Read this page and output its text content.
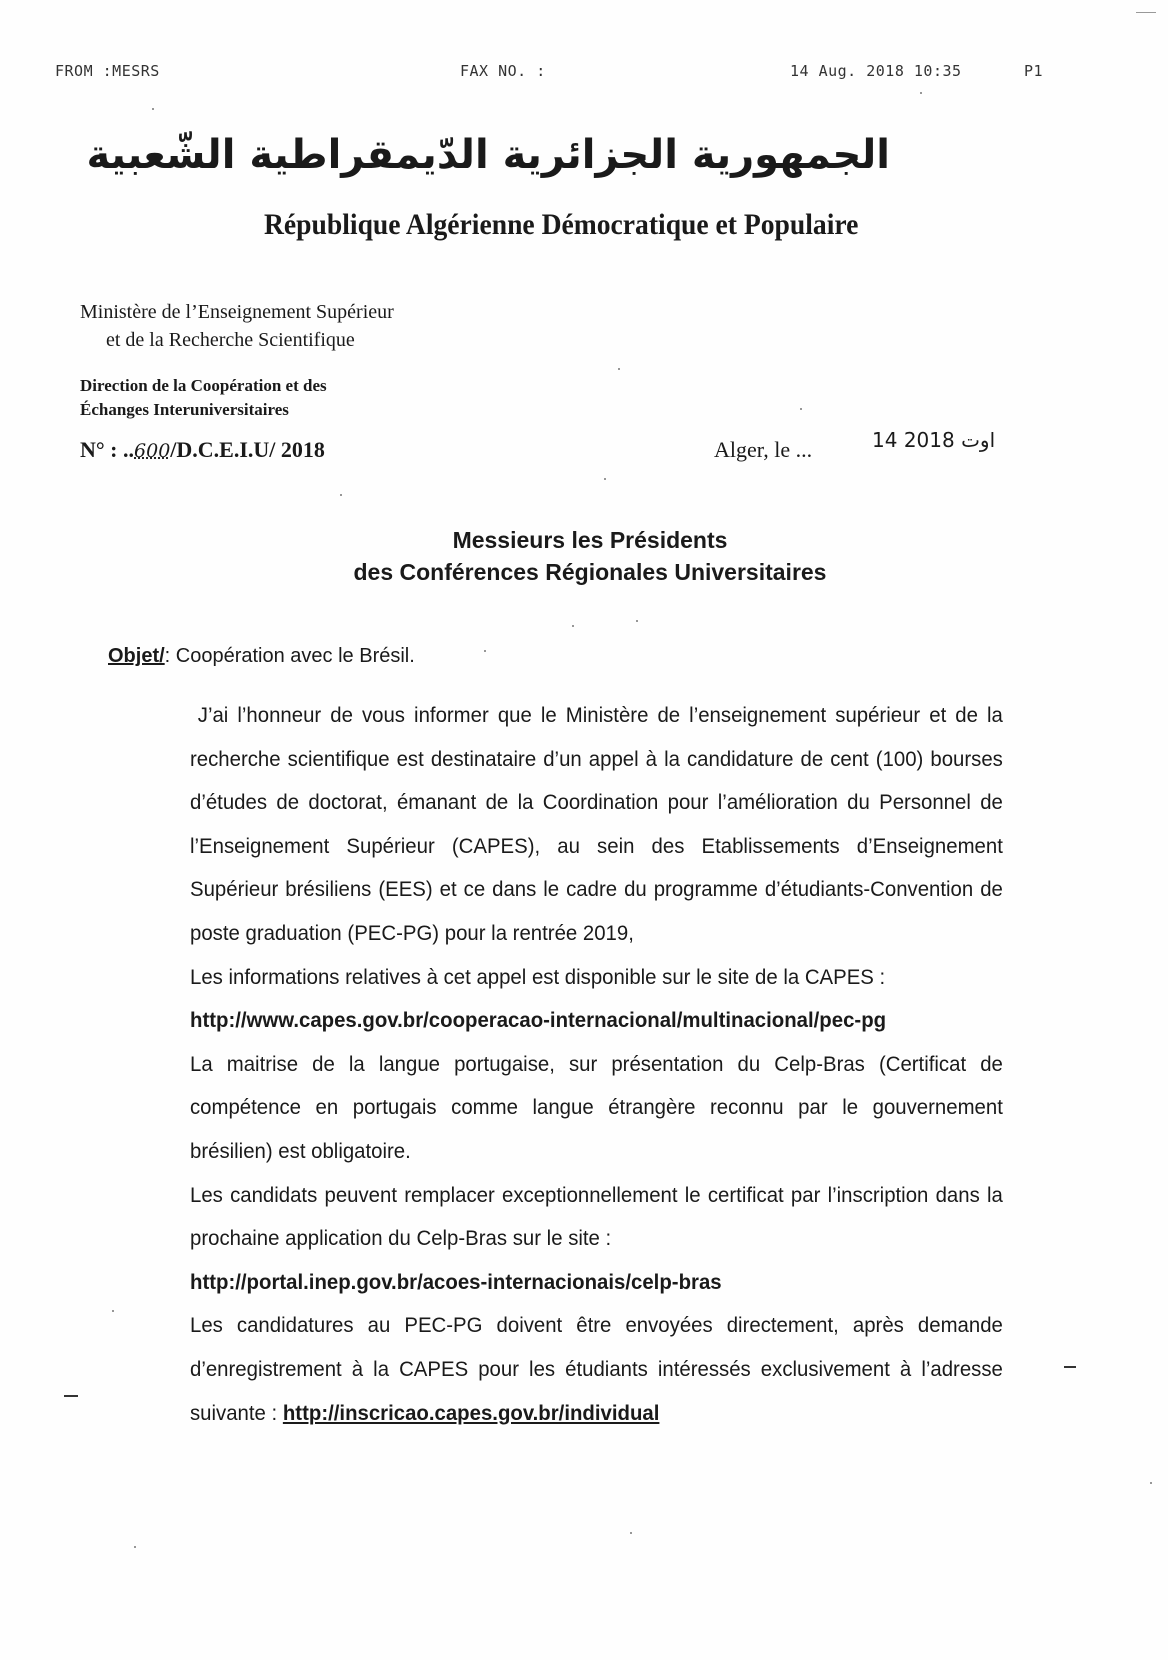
FROM :MESRS	FAX NO. :	14 Aug. 2018 10:35	P1
الجمهورية الجزائرية الدّيمقراطية الشّعبية
République Algérienne Démocratique et Populaire
Ministère de l’Enseignement Supérieur
et de la Recherche Scientifique
Direction de la Coopération et des
Échanges Interuniversitaires
N° : ..600/D.C.E.I.U/ 2018	Alger, le ...	14 اوت 2018
Messieurs les Présidents
des Conférences Régionales Universitaires
Objet/: Coopération avec le Brésil.

J’ai l’honneur de vous informer que le Ministère de l’enseignement supérieur et de la recherche scientifique est destinataire d’un appel à la candidature de cent (100) bourses d’études de doctorat, émanant de la Coordination pour l’amélioration du Personnel de l’Enseignement Supérieur (CAPES), au sein des Etablissements d’Enseignement Supérieur brésiliens (EES) et ce dans le cadre du programme d’étudiants-Convention de poste graduation (PEC-PG) pour la rentrée 2019,

Les informations relatives à cet appel est disponible sur le site de la CAPES :

http://www.capes.gov.br/cooperacao-internacional/multinacional/pec-pg

La maitrise de la langue portugaise, sur présentation du Celp-Bras (Certificat de compétence en portugais comme langue étrangère reconnu par le gouvernement brésilien) est obligatoire.

Les candidats peuvent remplacer exceptionnellement le certificat par l’inscription dans la prochaine application du Celp-Bras sur le site :

http://portal.inep.gov.br/acoes-internacionais/celp-bras

Les candidatures au PEC-PG doivent être envoyées directement, après demande d’enregistrement à la CAPES pour les étudiants intéressés exclusivement à l’adresse suivante : http://inscricao.capes.gov.br/individual
